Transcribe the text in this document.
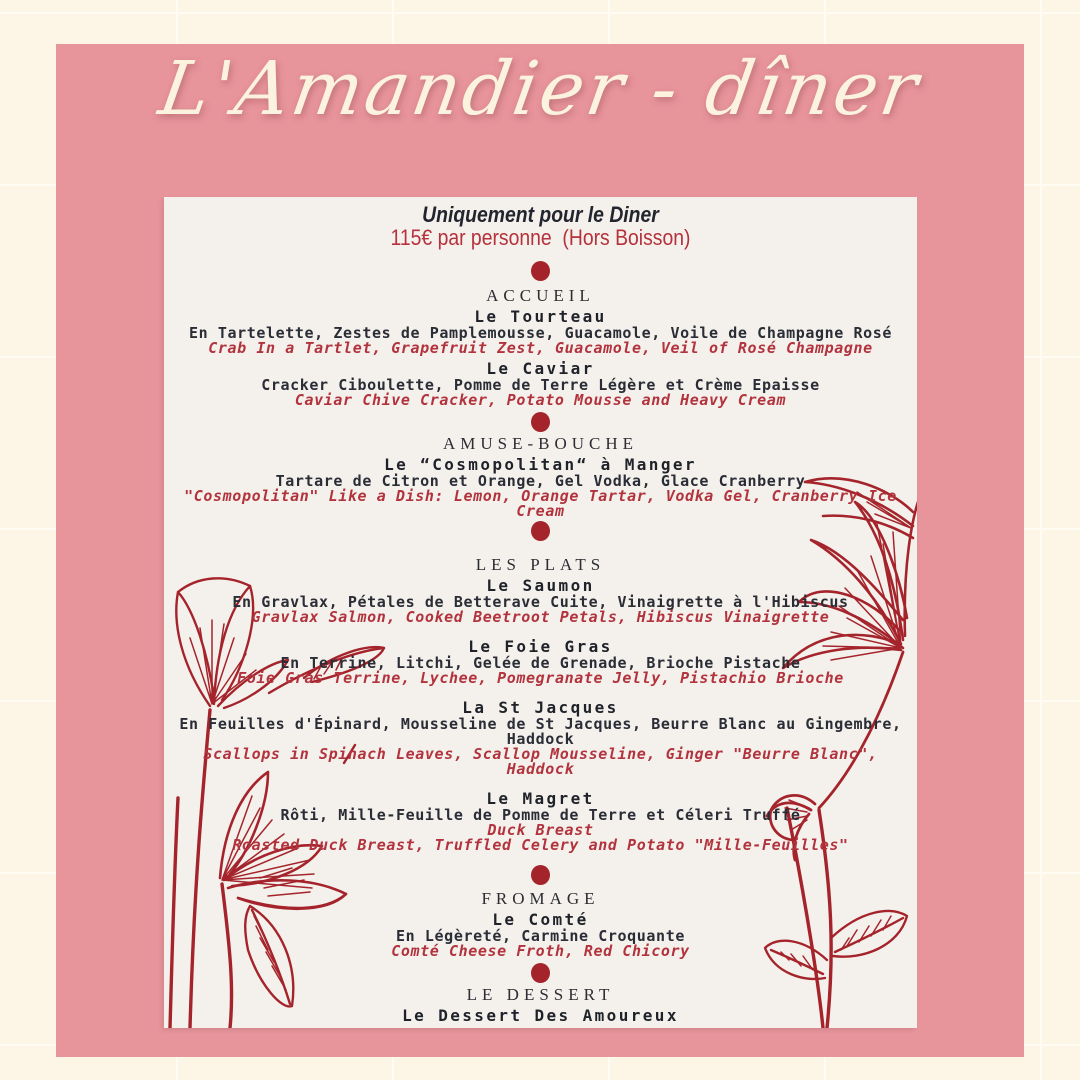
L'Amandier - dîner
Uniquement pour le Diner
115€ par personne  (Hors Boisson)
ACCUEIL
Le Tourteau
En Tartelette, Zestes de Pamplemousse, Guacamole, Voile de Champagne Rosé
Crab In a Tartlet, Grapefruit Zest, Guacamole, Veil of Rosé Champagne
Le Caviar
Cracker Ciboulette, Pomme de Terre Légère et Crème Epaisse
Caviar Chive Cracker, Potato Mousse and Heavy Cream
AMUSE-BOUCHE
Le “Cosmopolitan“ à Manger
Tartare de Citron et Orange, Gel Vodka, Glace Cranberry
"Cosmopolitan" Like a Dish: Lemon, Orange Tartar, Vodka Gel, Cranberry Ice Cream
LES PLATS
Le Saumon
En Gravlax, Pétales de Betterave Cuite, Vinaigrette à l'Hibiscus
Gravlax Salmon, Cooked Beetroot Petals, Hibiscus Vinaigrette
Le Foie Gras
En Terrine, Litchi, Gelée de Grenade, Brioche Pistache
Foie Gras Terrine, Lychee, Pomegranate Jelly, Pistachio Brioche
La St Jacques
En Feuilles d'Épinard, Mousseline de St Jacques, Beurre Blanc au Gingembre, Haddock
Scallops in Spinach Leaves, Scallop Mousseline, Ginger "Beurre Blanc", Haddock
Le Magret
Rôti, Mille-Feuille de Pomme de Terre et Céleri Truffé
Duck Breast
Roasted Duck Breast, Truffled Celery and Potato "Mille-Feuilles"
FROMAGE
Le Comté
En Légèreté, Carmine Croquante
Comté Cheese Froth, Red Chicory
LE DESSERT
Le Dessert Des Amoureux
